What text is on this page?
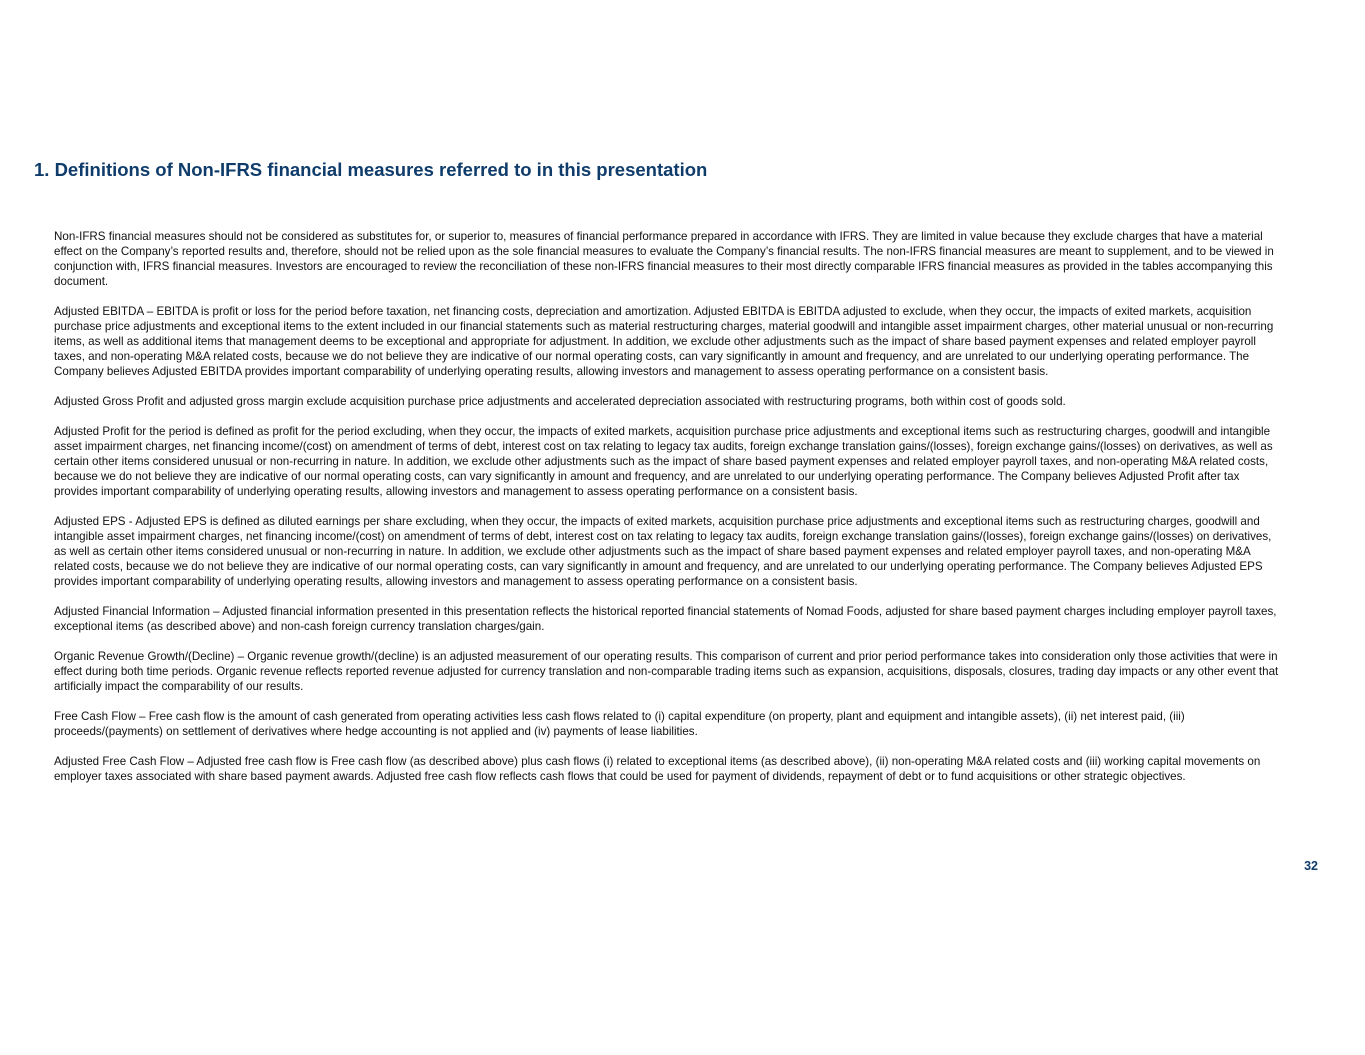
1. Definitions of Non-IFRS financial measures referred to in this presentation

Non-IFRS financial measures should not be considered as substitutes for, or superior to, measures of financial performance prepared in accordance with IFRS. They are limited in value because they exclude charges that have a material effect on the Company’s reported results and, therefore, should not be relied upon as the sole financial measures to evaluate the Company’s financial results. The non-IFRS financial measures are meant to supplement, and to be viewed in conjunction with, IFRS financial measures. Investors are encouraged to review the reconciliation of these non-IFRS financial measures to their most directly comparable IFRS financial measures as provided in the tables accompanying this document.

Adjusted EBITDA – EBITDA is profit or loss for the period before taxation, net financing costs, depreciation and amortization. Adjusted EBITDA is EBITDA adjusted to exclude, when they occur, the impacts of exited markets, acquisition purchase price adjustments and exceptional items to the extent included in our financial statements such as material restructuring charges, material goodwill and intangible asset impairment charges, other material unusual or non-recurring items, as well as additional items that management deems to be exceptional and appropriate for adjustment. In addition, we exclude other adjustments such as the impact of share based payment expenses and related employer payroll taxes, and non-operating M&A related costs, because we do not believe they are indicative of our normal operating costs, can vary significantly in amount and frequency, and are unrelated to our underlying operating performance. The Company believes Adjusted EBITDA provides important comparability of underlying operating results, allowing investors and management to assess operating performance on a consistent basis.

Adjusted Gross Profit and adjusted gross margin exclude acquisition purchase price adjustments and accelerated depreciation associated with restructuring programs, both within cost of goods sold.

Adjusted Profit for the period is defined as profit for the period excluding, when they occur, the impacts of exited markets, acquisition purchase price adjustments and exceptional items such as restructuring charges, goodwill and intangible asset impairment charges, net financing income/(cost) on amendment of terms of debt, interest cost on tax relating to legacy tax audits, foreign exchange translation gains/(losses), foreign exchange gains/(losses) on derivatives, as well as certain other items considered unusual or non-recurring in nature. In addition, we exclude other adjustments such as the impact of share based payment expenses and related employer payroll taxes, and non-operating M&A related costs, because we do not believe they are indicative of our normal operating costs, can vary significantly in amount and frequency, and are unrelated to our underlying operating performance. The Company believes Adjusted Profit after tax provides important comparability of underlying operating results, allowing investors and management to assess operating performance on a consistent basis.

Adjusted EPS - Adjusted EPS is defined as diluted earnings per share excluding, when they occur, the impacts of exited markets, acquisition purchase price adjustments and exceptional items such as restructuring charges, goodwill and intangible asset impairment charges, net financing income/(cost) on amendment of terms of debt, interest cost on tax relating to legacy tax audits, foreign exchange translation gains/(losses), foreign exchange gains/(losses) on derivatives, as well as certain other items considered unusual or non-recurring in nature. In addition, we exclude other adjustments such as the impact of share based payment expenses and related employer payroll taxes, and non-operating M&A related costs, because we do not believe they are indicative of our normal operating costs, can vary significantly in amount and frequency, and are unrelated to our underlying operating performance. The Company believes Adjusted EPS provides important comparability of underlying operating results, allowing investors and management to assess operating performance on a consistent basis.

Adjusted Financial Information – Adjusted financial information presented in this presentation reflects the historical reported financial statements of Nomad Foods, adjusted for share based payment charges including employer payroll taxes, exceptional items (as described above) and non-cash foreign currency translation charges/gain.

Organic Revenue Growth/(Decline) – Organic revenue growth/(decline) is an adjusted measurement of our operating results. This comparison of current and prior period performance takes into consideration only those activities that were in effect during both time periods. Organic revenue reflects reported revenue adjusted for currency translation and non-comparable trading items such as expansion, acquisitions, disposals, closures, trading day impacts or any other event that artificially impact the comparability of our results.

Free Cash Flow – Free cash flow is the amount of cash generated from operating activities less cash flows related to (i) capital expenditure (on property, plant and equipment and intangible assets), (ii) net interest paid, (iii) proceeds/(payments) on settlement of derivatives where hedge accounting is not applied and (iv) payments of lease liabilities.

Adjusted Free Cash Flow – Adjusted free cash flow is Free cash flow (as described above) plus cash flows (i) related to exceptional items (as described above), (ii) non-operating M&A related costs and (iii) working capital movements on employer taxes associated with share based payment awards. Adjusted free cash flow reflects cash flows that could be used for payment of dividends, repayment of debt or to fund acquisitions or other strategic objectives.

32
